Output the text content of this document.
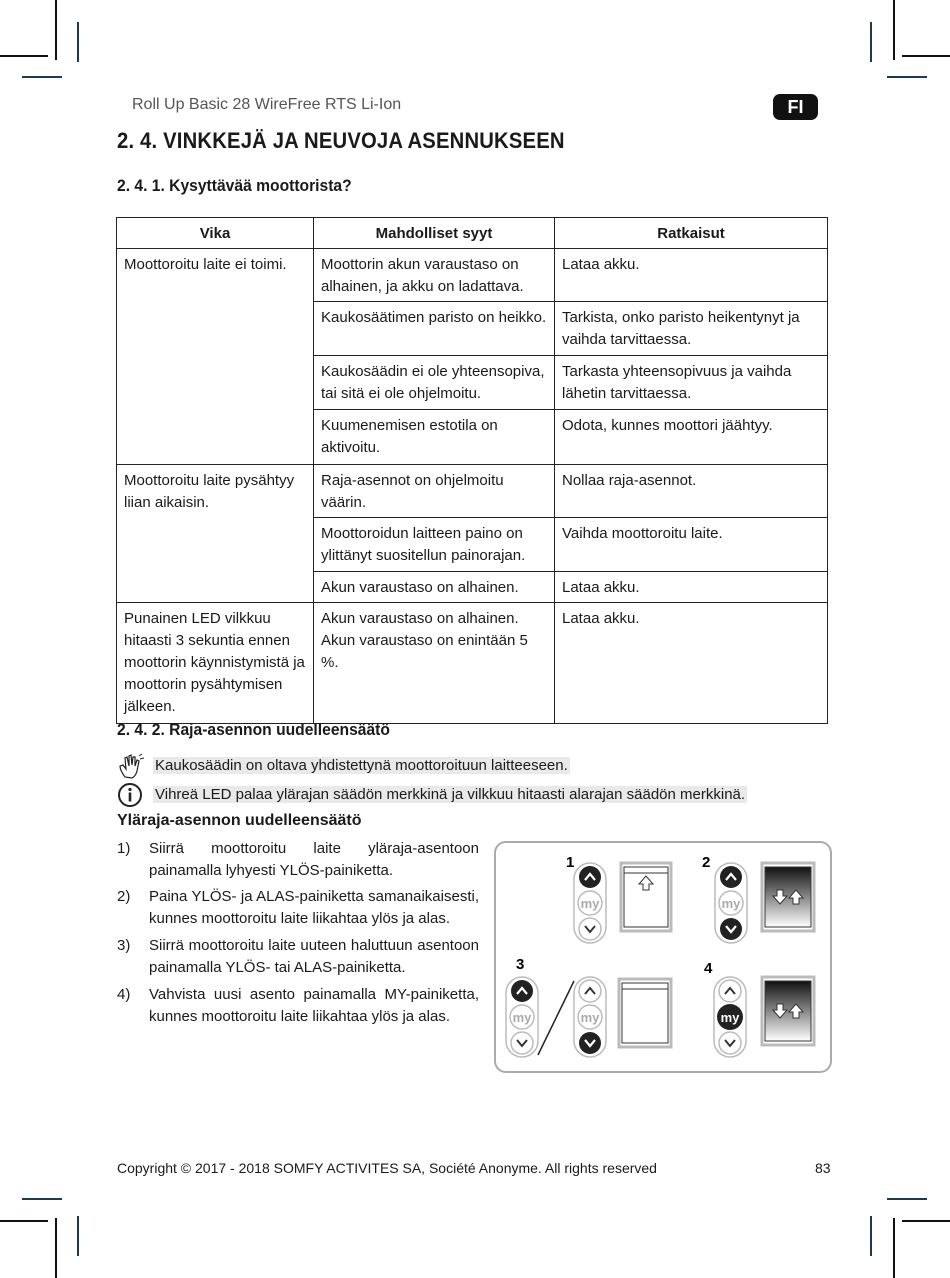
Roll Up Basic 28 WireFree RTS Li-Ion	FI
2. 4. VINKKEJÄ JA NEUVOJA ASENNUKSEEN
2. 4. 1. Kysyttävää moottorista?
Vika	Mahdolliset syyt	Ratkaisut
Moottoroitu laite ei toimi.	Moottorin akun varaustaso on alhainen, ja akku on ladattava.	Lataa akku.
	Kaukosäätimen paristo on heikko.	Tarkista, onko paristo heikentynyt ja vaihda tarvittaessa.
	Kaukosäädin ei ole yhteensopiva, tai sitä ei ole ohjelmoitu.	Tarkasta yhteensopivuus ja vaihda lähetin tarvittaessa.
	Kuumenemisen estotila on aktivoitu.	Odota, kunnes moottori jäähtyy.
Moottoroitu laite pysähtyy liian aikaisin.	Raja-asennot on ohjelmoitu väärin.	Nollaa raja-asennot.
	Moottoroidun laitteen paino on ylittänyt suositellun painorajan.	Vaihda moottoroitu laite.
	Akun varaustaso on alhainen.	Lataa akku.
Punainen LED vilkkuu hitaasti 3 sekuntia ennen moottorin käynnistymistä ja moottorin pysähtymisen jälkeen.	Akun varaustaso on alhainen. Akun varaustaso on enintään 5 %.	Lataa akku.
2. 4. 2. Raja-asennon uudelleensäätö
Kaukosäädin on oltava yhdistettynä moottoroituun laitteeseen.
Vihreä LED palaa ylärajan säädön merkkinä ja vilkkuu hitaasti alarajan säädön merkkinä.
Yläraja-asennon uudelleensäätö
1) Siirrä moottoroitu laite yläraja-asentoon painamalla lyhyesti YLÖS-painiketta.
2) Paina YLÖS- ja ALAS-painiketta samanaikaisesti, kunnes moottoroitu laite liikahtaa ylös ja alas.
3) Siirrä moottoroitu laite uuteen haluttuun asentoon painamalla YLÖS- tai ALAS-painiketta.
4) Vahvista uusi asento painamalla MY-painiketta, kunnes moottoroitu laite liikahtaa ylös ja alas.
1
my
2
my
3
my	my
4
my
Copyright © 2017 - 2018 SOMFY ACTIVITES SA, Société Anonyme. All rights reserved	83
